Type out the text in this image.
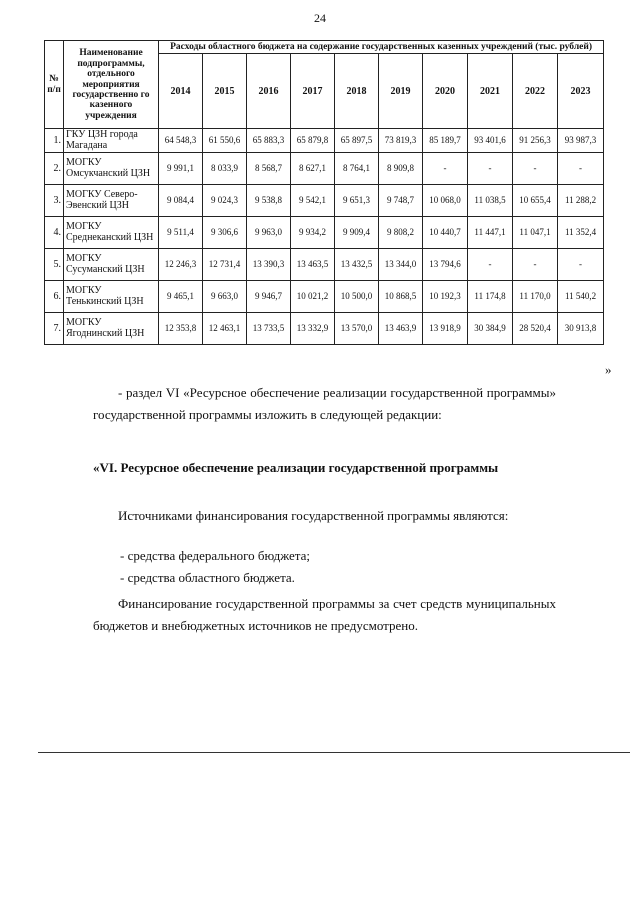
24
№ п/п	Наименование подпрограммы, отдельного мероприятия государственно го казенного учреждения	Расходы областного бюджета на содержание государственных казенных учреждений (тыс. рублей)									
		2014	2015	2016	2017	2018	2019	2020	2021	2022	2023
1.	ГКУ ЦЗН города Магадана	64 548,3	61 550,6	65 883,3	65 879,8	65 897,5	73 819,3	85 189,7	93 401,6	91 256,3	93 987,3
2.	МОГКУ Омсукчанский ЦЗН	9 991,1	8 033,9	8 568,7	8 627,1	8 764,1	8 909,8	-	-	-	-
3.	МОГКУ Северо-Эвенский ЦЗН	9 084,4	9 024,3	9 538,8	9 542,1	9 651,3	9 748,7	10 068,0	11 038,5	10 655,4	11 288,2
4.	МОГКУ Среднеканский ЦЗН	9 511,4	9 306,6	9 963,0	9 934,2	9 909,4	9 808,2	10 440,7	11 447,1	11 047,1	11 352,4
5.	МОГКУ Сусуманский ЦЗН	12 246,3	12 731,4	13 390,3	13 463,5	13 432,5	13 344,0	13 794,6	-	-	-
6.	МОГКУ Тенькинский ЦЗН	9 465,1	9 663,0	9 946,7	10 021,2	10 500,0	10 868,5	10 192,3	11 174,8	11 170,0	11 540,2
7.	МОГКУ Ягоднинский ЦЗН	12 353,8	12 463,1	13 733,5	13 332,9	13 570,0	13 463,9	13 918,9	30 384,9	28 520,4	30 913,8
»
- раздел VI «Ресурсное обеспечение реализации государственной программы» государственной программы изложить в следующей редакции:
«VI. Ресурсное обеспечение реализации государственной программы
Источниками финансирования государственной программы являются:
- средства федерального бюджета;
- средства областного бюджета.
Финансирование государственной программы за счет средств муниципальных бюджетов и внебюджетных источников не предусмотрено.
